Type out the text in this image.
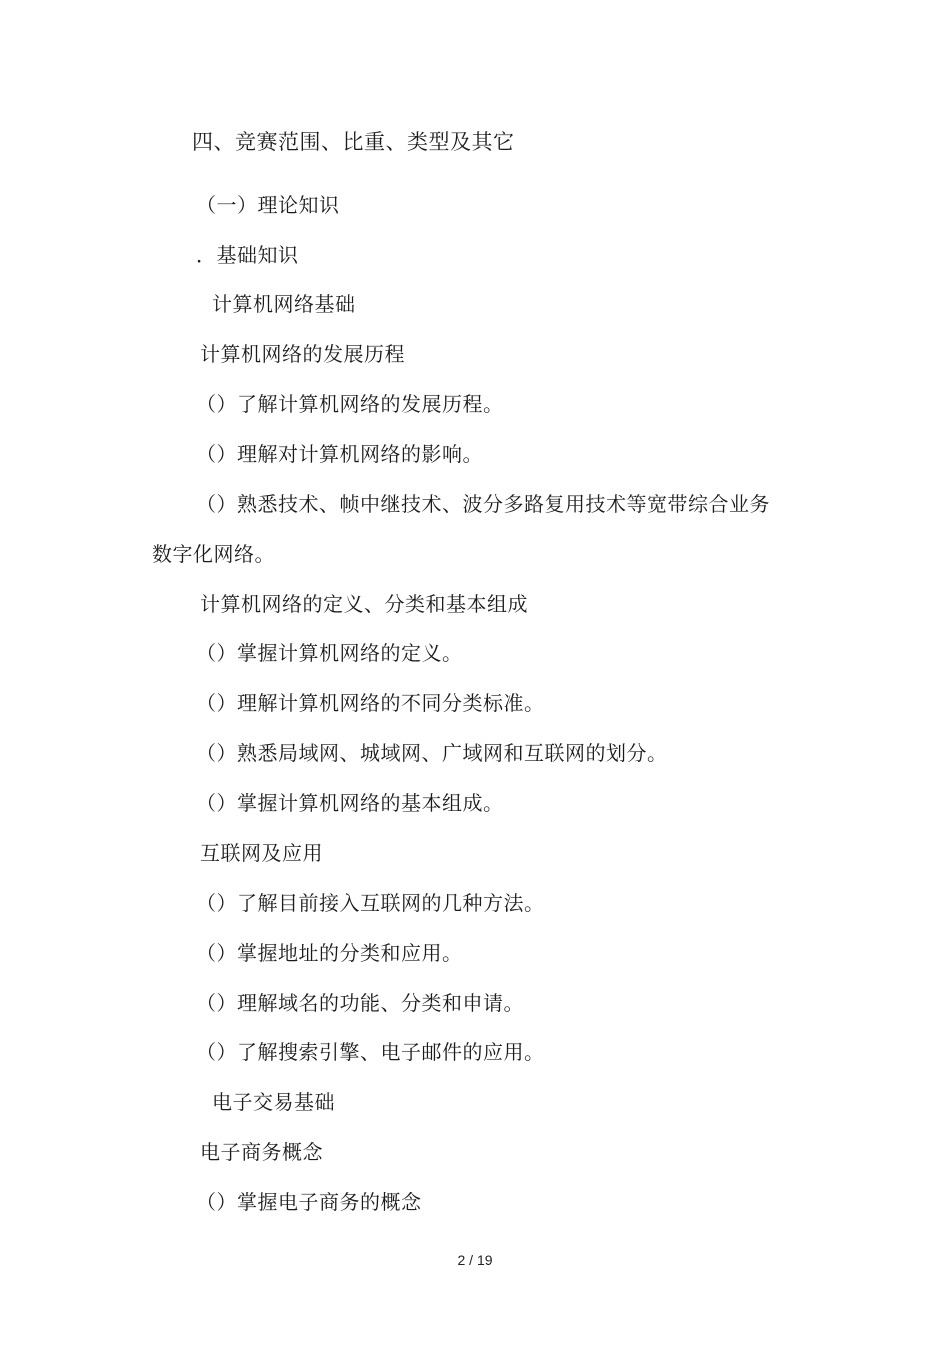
四、竞赛范围、比重、类型及其它
（一）理论知识
．基础知识
计算机网络基础
计算机网络的发展历程
（）了解计算机网络的发展历程。
（）理解对计算机网络的影响。
（）熟悉技术、帧中继技术、波分多路复用技术等宽带综合业务
数字化网络。
计算机网络的定义、分类和基本组成
（）掌握计算机网络的定义。
（）理解计算机网络的不同分类标准。
（）熟悉局域网、城域网、广域网和互联网的划分。
（）掌握计算机网络的基本组成。
互联网及应用
（）了解目前接入互联网的几种方法。
（）掌握地址的分类和应用。
（）理解域名的功能、分类和申请。
（）了解搜索引擎、电子邮件的应用。
电子交易基础
电子商务概念
（）掌握电子商务的概念
2 / 19
